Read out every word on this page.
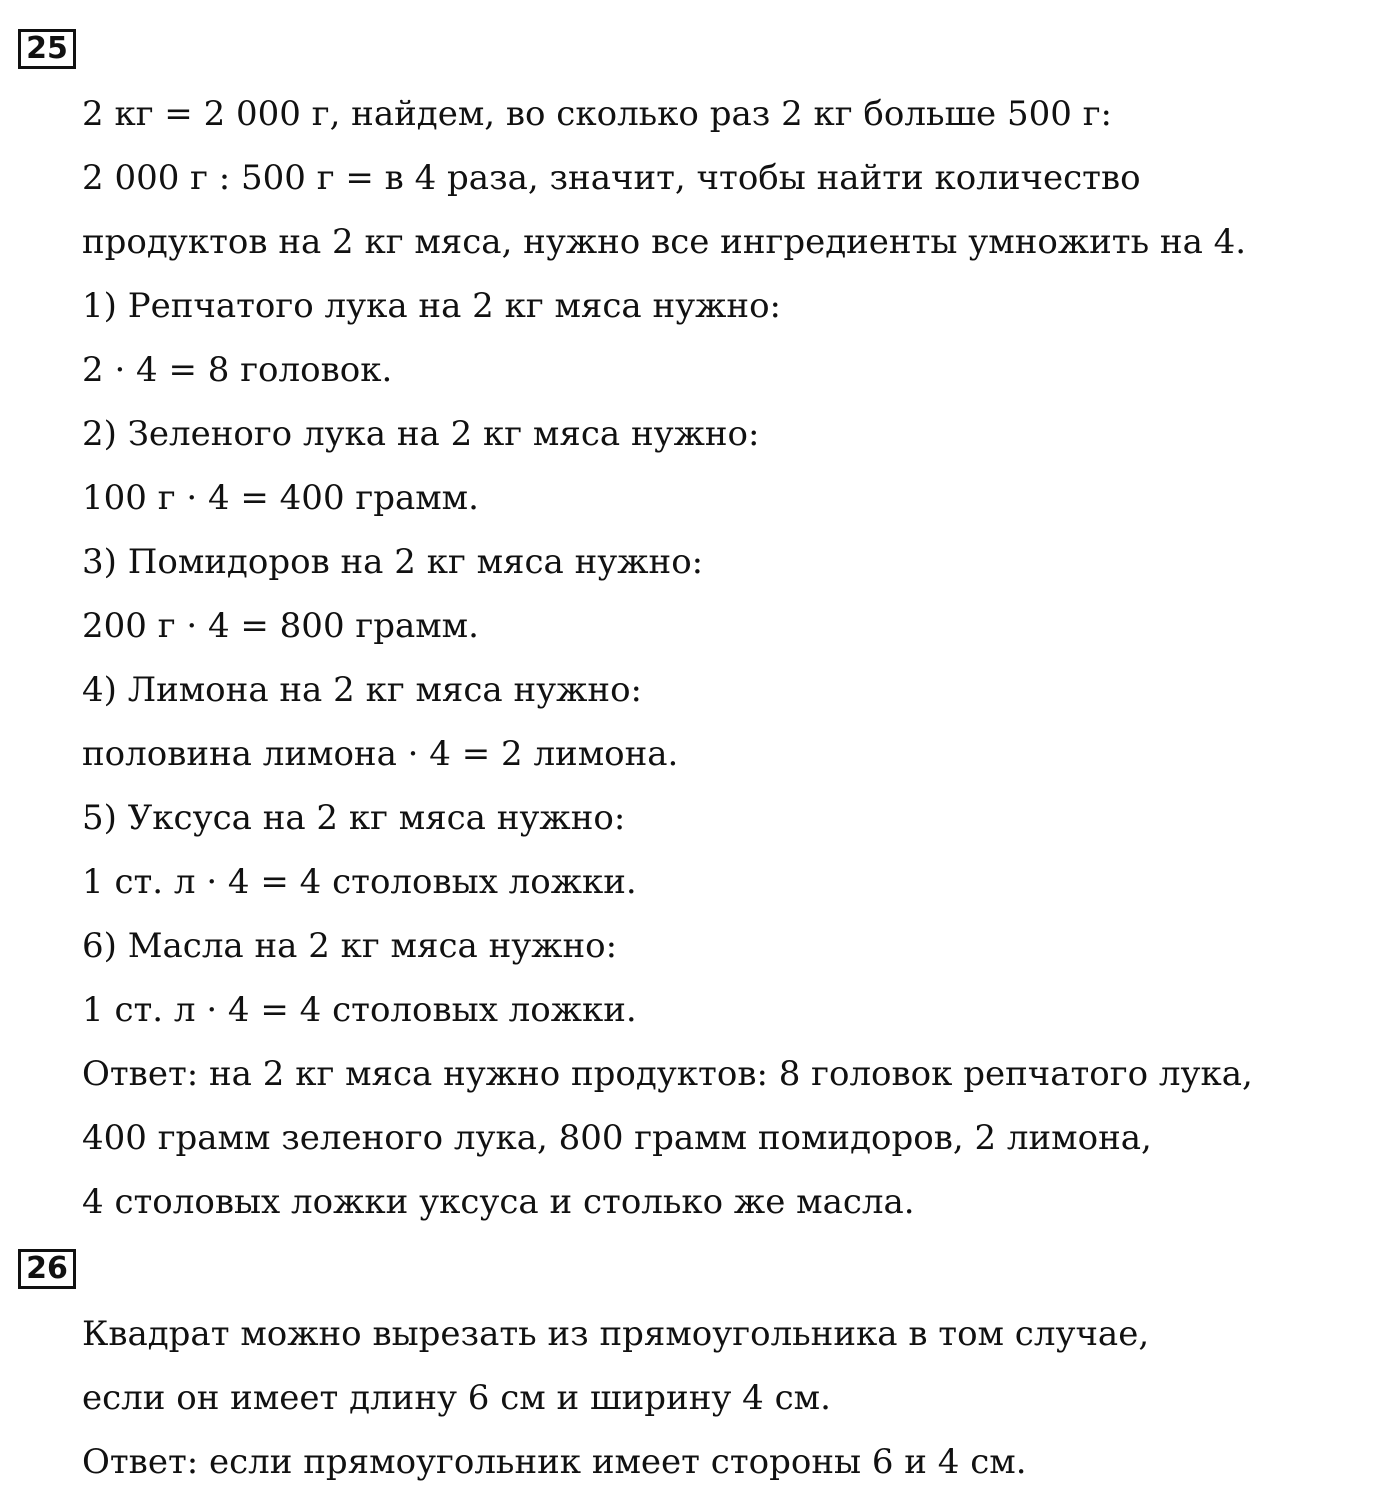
25
2 кг = 2 000 г, найдем, во сколько раз 2 кг больше 500 г:
2 000 г : 500 г = в 4 раза, значит, чтобы найти количество
продуктов на 2 кг мяса, нужно все ингредиенты умножить на 4.
1) Репчатого лука на 2 кг мяса нужно:
2 · 4 = 8 головок.
2) Зеленого лука на 2 кг мяса нужно:
100 г · 4 = 400 грамм.
3) Помидоров на 2 кг мяса нужно:
200 г · 4 = 800 грамм.
4) Лимона на 2 кг мяса нужно:
половина лимона · 4 = 2 лимона.
5) Уксуса на 2 кг мяса нужно:
1 ст. л · 4 = 4 столовых ложки.
6) Масла на 2 кг мяса нужно:
1 ст. л · 4 = 4 столовых ложки.
Ответ: на 2 кг мяса нужно продуктов: 8 головок репчатого лука,
400 грамм зеленого лука, 800 грамм помидоров, 2 лимона,
4 столовых ложки уксуса и столько же масла.
26
Квадрат можно вырезать из прямоугольника в том случае,
если он имеет длину 6 см и ширину 4 см.
Ответ: если прямоугольник имеет стороны 6 и 4 см.
